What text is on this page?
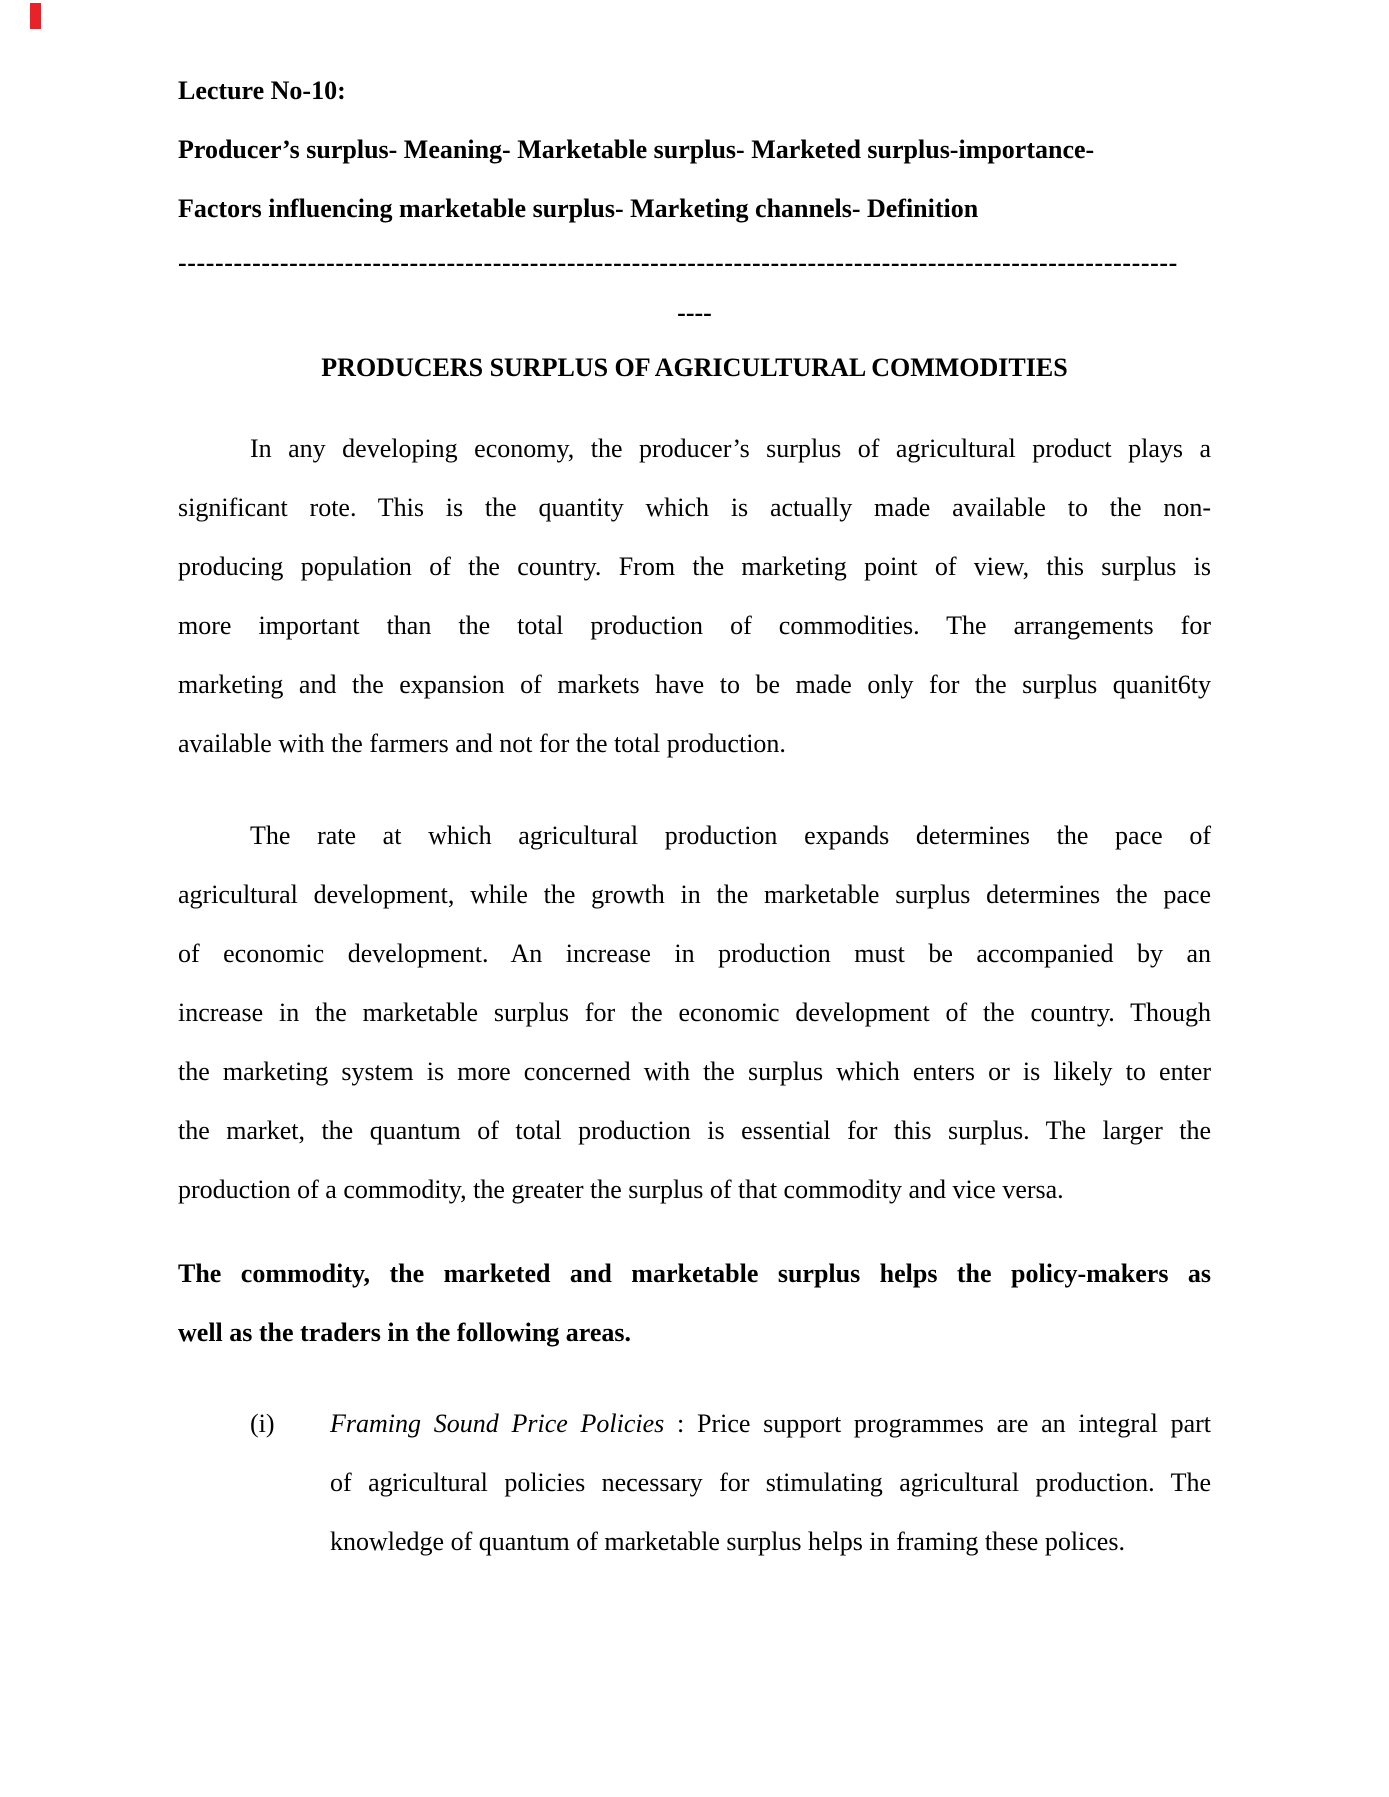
Lecture No-10:
Producer’s surplus- Meaning- Marketable surplus- Marketed surplus-importance-
Factors influencing marketable surplus- Marketing channels- Definition
------------------------------------------------------------------------------------------------------------
----
PRODUCERS SURPLUS OF AGRICULTURAL COMMODITIES
In any developing economy, the producer’s surplus of agricultural product plays a
significant rote. This is the quantity which is actually made available to the non-
producing population of the country. From the marketing point of view, this surplus is
more important than the total production of commodities. The arrangements for
marketing and the expansion of markets have to be made only for the surplus quanit6ty
available with the farmers and not for the total production.
The rate at which agricultural production expands determines the pace of
agricultural development, while the growth in the marketable surplus determines the pace
of economic development. An increase in production must be accompanied by an
increase in the marketable surplus for the economic development of the country. Though
the marketing system is more concerned with the surplus which enters or is likely to enter
the market, the quantum of total production is essential for this surplus. The larger the
production of a commodity, the greater the surplus of that commodity and vice versa.
The commodity, the marketed and marketable surplus helps the policy-makers as
well as the traders in the following areas.
(i) Framing Sound Price Policies : Price support programmes are an integral part
of agricultural policies necessary for stimulating agricultural production. The
knowledge of quantum of marketable surplus helps in framing these polices.
